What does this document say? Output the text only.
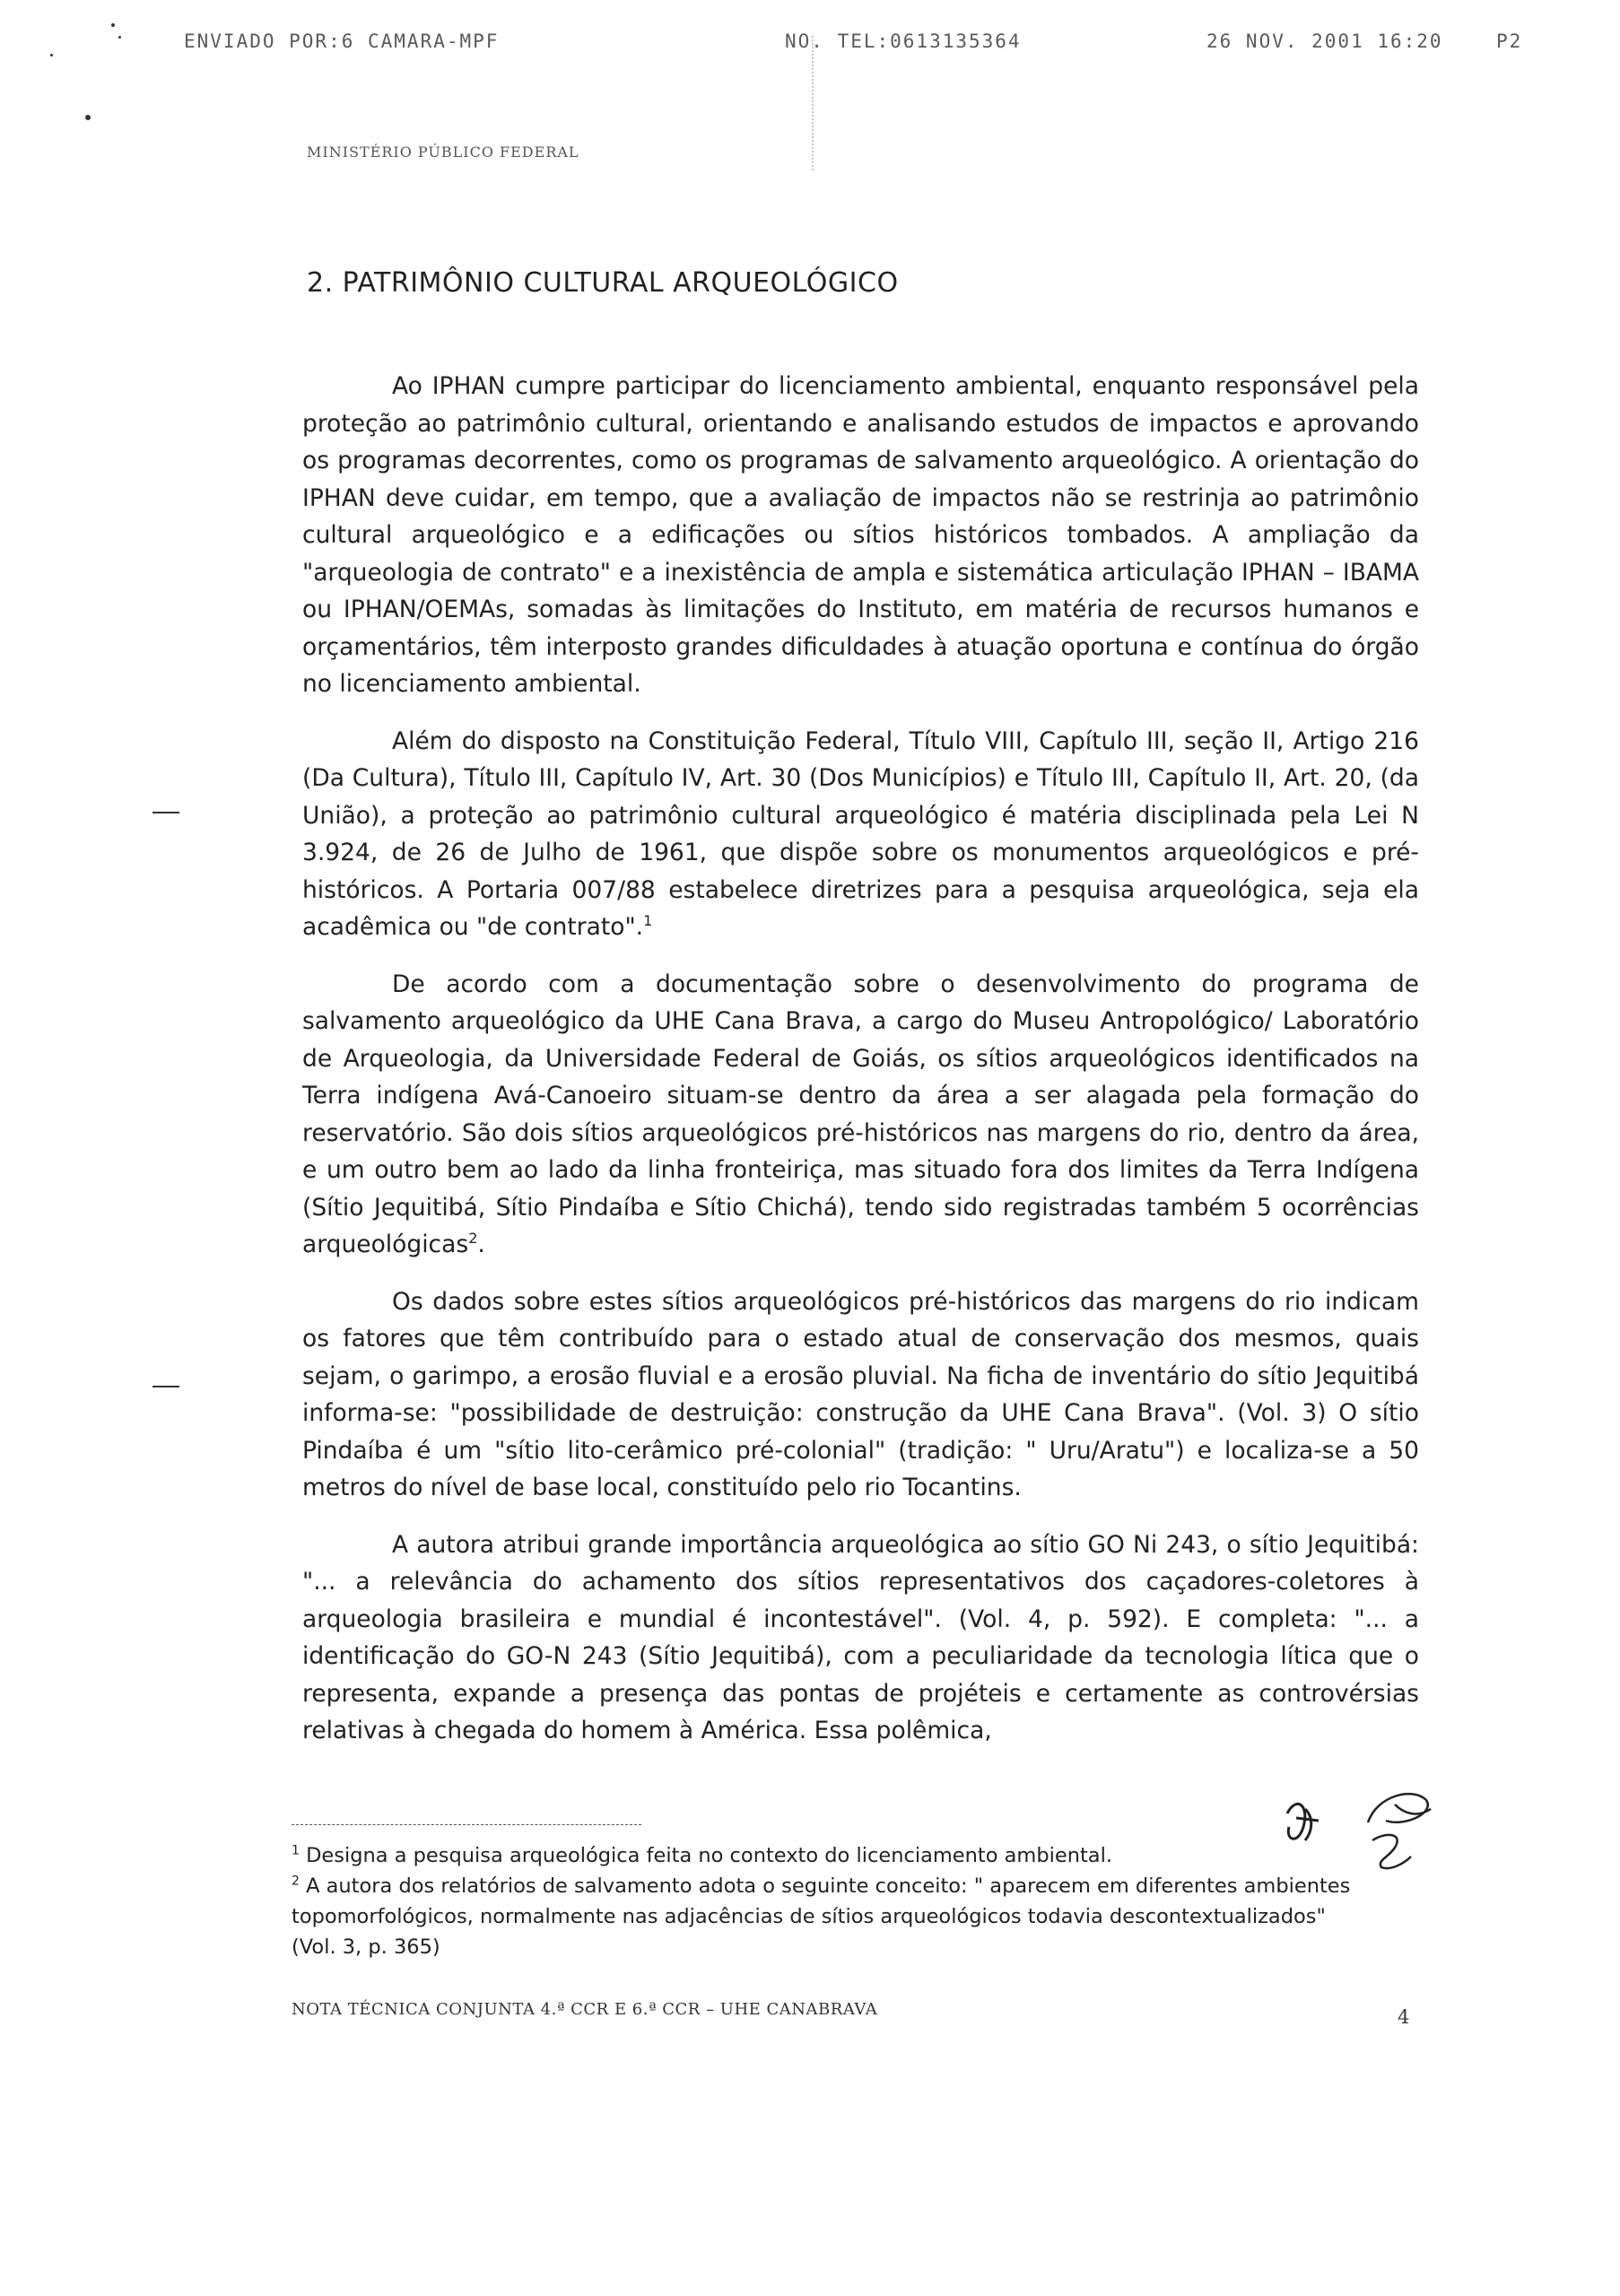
ENVIADO POR:6 CAMARA-MPF	NO. TEL:0613135364	26 NOV. 2001 16:20	P2
MINISTÉRIO PÚBLICO FEDERAL
2. PATRIMÔNIO CULTURAL ARQUEOLÓGICO

Ao IPHAN cumpre participar do licenciamento ambiental, enquanto responsável pela proteção ao patrimônio cultural, orientando e analisando estudos de impactos e aprovando os programas decorrentes, como os programas de salvamento arqueológico. A orientação do IPHAN deve cuidar, em tempo, que a avaliação de impactos não se restrinja ao patrimônio cultural arqueológico e a edificações ou sítios históricos tombados. A ampliação da "arqueologia de contrato" e a inexistência de ampla e sistemática articulação IPHAN – IBAMA ou IPHAN/OEMAs, somadas às limitações do Instituto, em matéria de recursos humanos e orçamentários, têm interposto grandes dificuldades à atuação oportuna e contínua do órgão no licenciamento ambiental.

Além do disposto na Constituição Federal, Título VIII, Capítulo III, seção II, Artigo 216 (Da Cultura), Título III, Capítulo IV, Art. 30 (Dos Municípios) e Título III, Capítulo II, Art. 20, (da União), a proteção ao patrimônio cultural arqueológico é matéria disciplinada pela Lei N 3.924, de 26 de Julho de 1961, que dispõe sobre os monumentos arqueológicos e pré-históricos. A Portaria 007/88 estabelece diretrizes para a pesquisa arqueológica, seja ela acadêmica ou "de contrato".$^1$

De acordo com a documentação sobre o desenvolvimento do programa de salvamento arqueológico da UHE Cana Brava, a cargo do Museu Antropológico/ Laboratório de Arqueologia, da Universidade Federal de Goiás, os sítios arqueológicos identificados na Terra indígena Avá-Canoeiro situam-se dentro da área a ser alagada pela formação do reservatório. São dois sítios arqueológicos pré-históricos nas margens do rio, dentro da área, e um outro bem ao lado da linha fronteiriça, mas situado fora dos limites da Terra Indígena (Sítio Jequitibá, Sítio Pindaíba e Sítio Chichá), tendo sido registradas também 5 ocorrências arqueológicas$^2$.

Os dados sobre estes sítios arqueológicos pré-históricos das margens do rio indicam os fatores que têm contribuído para o estado atual de conservação dos mesmos, quais sejam, o garimpo, a erosão fluvial e a erosão pluvial. Na ficha de inventário do sítio Jequitibá informa-se: "possibilidade de destruição: construção da UHE Cana Brava". (Vol. 3) O sítio Pindaíba é um "sítio lito-cerâmico pré-colonial" (tradição: " Uru/Aratu") e localiza-se a 50 metros do nível de base local, constituído pelo rio Tocantins.

A autora atribui grande importância arqueológica ao sítio GO Ni 243, o sítio Jequitibá: "... a relevância do achamento dos sítios representativos dos caçadores-coletores à arqueologia brasileira e mundial é incontestável". (Vol. 4, p. 592). E completa: "... a identificação do GO-N 243 (Sítio Jequitibá), com a peculiaridade da tecnologia lítica que o representa, expande a presença das pontas de projéteis e certamente as controvérsias relativas à chegada do homem à América. Essa polêmica,

$^1$ Designa a pesquisa arqueológica feita no contexto do licenciamento ambiental.

$^2$ A autora dos relatórios de salvamento adota o seguinte conceito: " aparecem em diferentes ambientes topomorfológicos, normalmente nas adjacências de sítios arqueológicos todavia descontextualizados" (Vol. 3, p. 365)

NOTA TÉCNICA CONJUNTA 4.ª CCR E 6.ª CCR – UHE CANABRAVA	4
